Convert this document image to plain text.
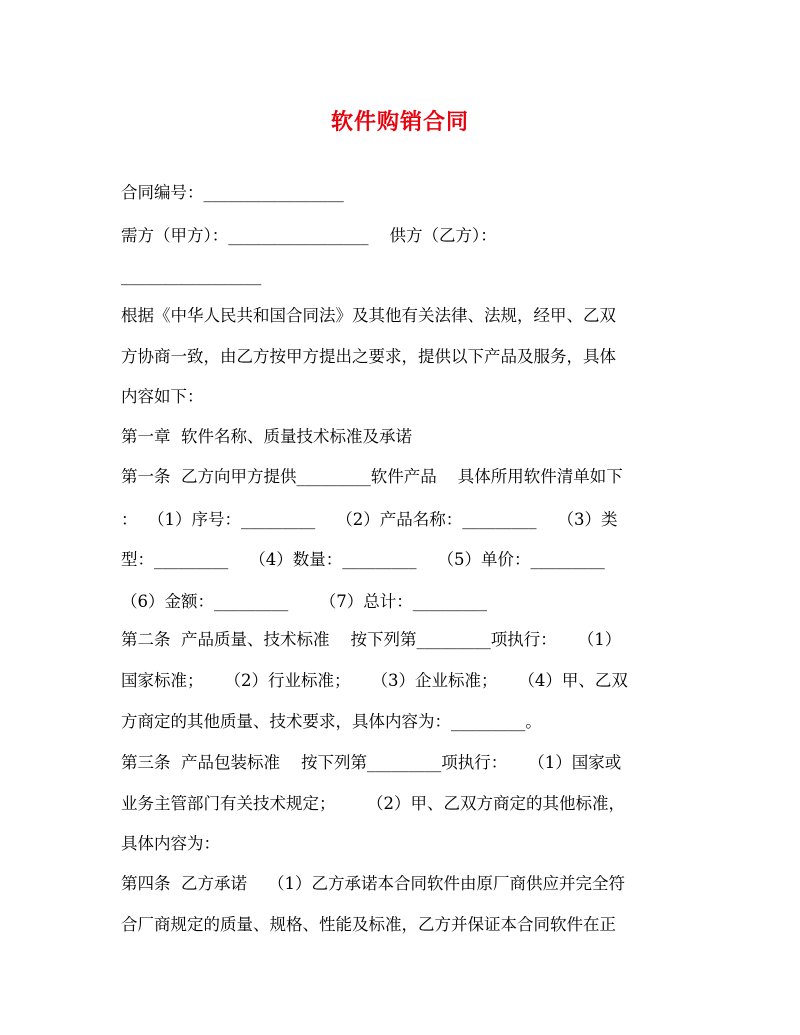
软件购销合同
合同编号：_________________
需方（甲方）：_________________    供方（乙方）：
_________________
根据《中华人民共和国合同法》及其他有关法律、法规，经甲、乙双
方协商一致，由乙方按甲方提出之要求，提供以下产品及服务，具体
内容如下：
第一章  软件名称、质量技术标准及承诺
第一条  乙方向甲方提供_________软件产品    具体所用软件清单如下
：  （1）序号：_________    （2）产品名称：_________    （3）类
型：_________    （4）数量：_________    （5）单价：_________
（6）金额：_________      （7）总计：_________
第二条  产品质量、技术标准    按下列第_________项执行：    （1）
国家标准；    （2）行业标准；    （3）企业标准；    （4）甲、乙双
方商定的其他质量、技术要求，具体内容为：_________。
第三条  产品包装标准    按下列第_________项执行：    （1）国家或
业务主管部门有关技术规定；      （2）甲、乙双方商定的其他标准，
具体内容为：
第四条  乙方承诺    （1）乙方承诺本合同软件由原厂商供应并完全符
合厂商规定的质量、规格、性能及标准，乙方并保证本合同软件在正
